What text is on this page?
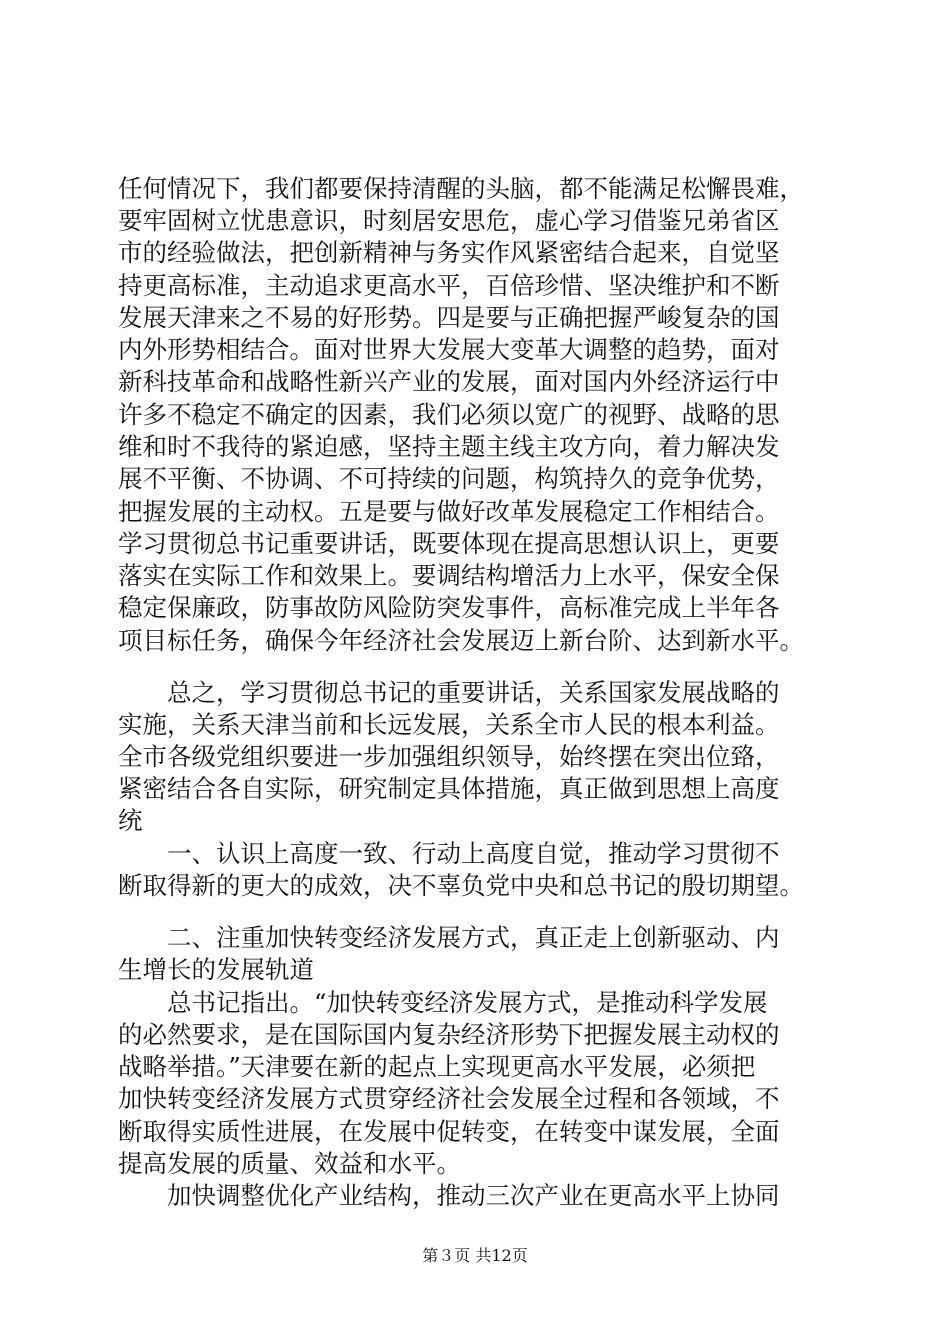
任何情况下，我们都要保持清醒的头脑，都不能满足松懈畏难，
要牢固树立忧患意识，时刻居安思危，虚心学习借鉴兄弟省区
市的经验做法，把创新精神与务实作风紧密结合起来，自觉坚
持更高标准，主动追求更高水平，百倍珍惜、坚决维护和不断
发展天津来之不易的好形势。四是要与正确把握严峻复杂的国
内外形势相结合。面对世界大发展大变革大调整的趋势，面对
新科技革命和战略性新兴产业的发展，面对国内外经济运行中
许多不稳定不确定的因素，我们必须以宽广的视野、战略的思
维和时不我待的紧迫感，坚持主题主线主攻方向，着力解决发
展不平衡、不协调、不可持续的问题，构筑持久的竞争优势，
把握发展的主动权。五是要与做好改革发展稳定工作相结合。
学习贯彻总书记重要讲话，既要体现在提高思想认识上，更要
落实在实际工作和效果上。要调结构增活力上水平，保安全保
稳定保廉政，防事故防风险防突发事件，高标准完成上半年各
项目标任务，确保今年经济社会发展迈上新台阶、达到新水平。
总之，学习贯彻总书记的重要讲话，关系国家发展战略的
实施，关系天津当前和长远发展，关系全市人民的根本利益。
全市各级党组织要进一步加强组织领导，始终摆在突出位臵，
紧密结合各自实际，研究制定具体措施，真正做到思想上高度
统
一、认识上高度一致、行动上高度自觉，推动学习贯彻不
断取得新的更大的成效，决不辜负党中央和总书记的殷切期望。
二、注重加快转变经济发展方式，真正走上创新驱动、内
生增长的发展轨道
总书记指出。“加快转变经济发展方式，是推动科学发展
的必然要求，是在国际国内复杂经济形势下把握发展主动权的
战略举措。”天津要在新的起点上实现更高水平发展，必须把
加快转变经济发展方式贯穿经济社会发展全过程和各领域，不
断取得实质性进展，在发展中促转变，在转变中谋发展，全面
提高发展的质量、效益和水平。
加快调整优化产业结构，推动三次产业在更高水平上协同
第３页 共12页
